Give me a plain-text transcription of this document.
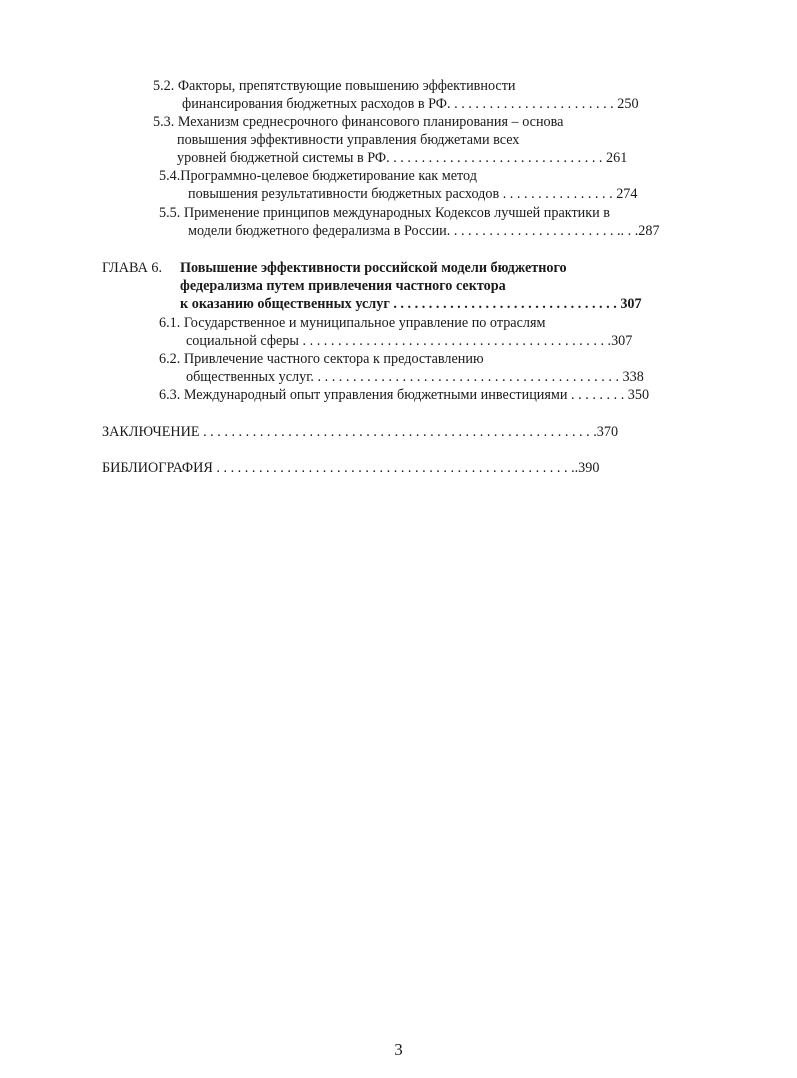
5.2. Факторы, препятствующие повышению эффективности
финансирования бюджетных расходов в РФ. . . . . . . . . . . . . . . . . . . . . . . . 250
5.3. Механизм среднесрочного финансового планирования – основа
повышения эффективности управления бюджетами всех
уровней бюджетной системы в РФ. . . . . . . . . . . . . . . . . . . . . . . . . . . . . . . 261
5.4.Программно-целевое бюджетирование как метод
повышения результативности бюджетных расходов . . . . . . . . . . . . . . . . 274
5.5. Применение принципов международных Кодексов лучшей практики в
модели бюджетного федерализма в России. . . . . . . . . . . . . . . . . . . . . . . . .. . .287
ГЛАВА 6. Повышение эффективности российской модели бюджетного
федерализма путем привлечения частного сектора
к оказанию общественных услуг . . . . . . . . . . . . . . . . . . . . . . . . . . . . . . . . 307
6.1. Государственное и муниципальное управление по отраслям
социальной сферы . . . . . . . . . . . . . . . . . . . . . . . . . . . . . . . . . . . . . . . . . . . .307
6.2. Привлечение частного сектора к предоставлению
общественных услуг. . . . . . . . . . . . . . . . . . . . . . . . . . . . . . . . . . . . . . . . . . . . 338
6.3. Международный опыт управления бюджетными инвестициями . . . . . . . . 350
ЗАКЛЮЧЕНИЕ . . . . . . . . . . . . . . . . . . . . . . . . . . . . . . . . . . . . . . . . . . . . . . . . . . . . . . . .370
БИБЛИОГРАФИЯ . . . . . . . . . . . . . . . . . . . . . . . . . . . . . . . . . . . . . . . . . . . . . . . . . . ..390
3
